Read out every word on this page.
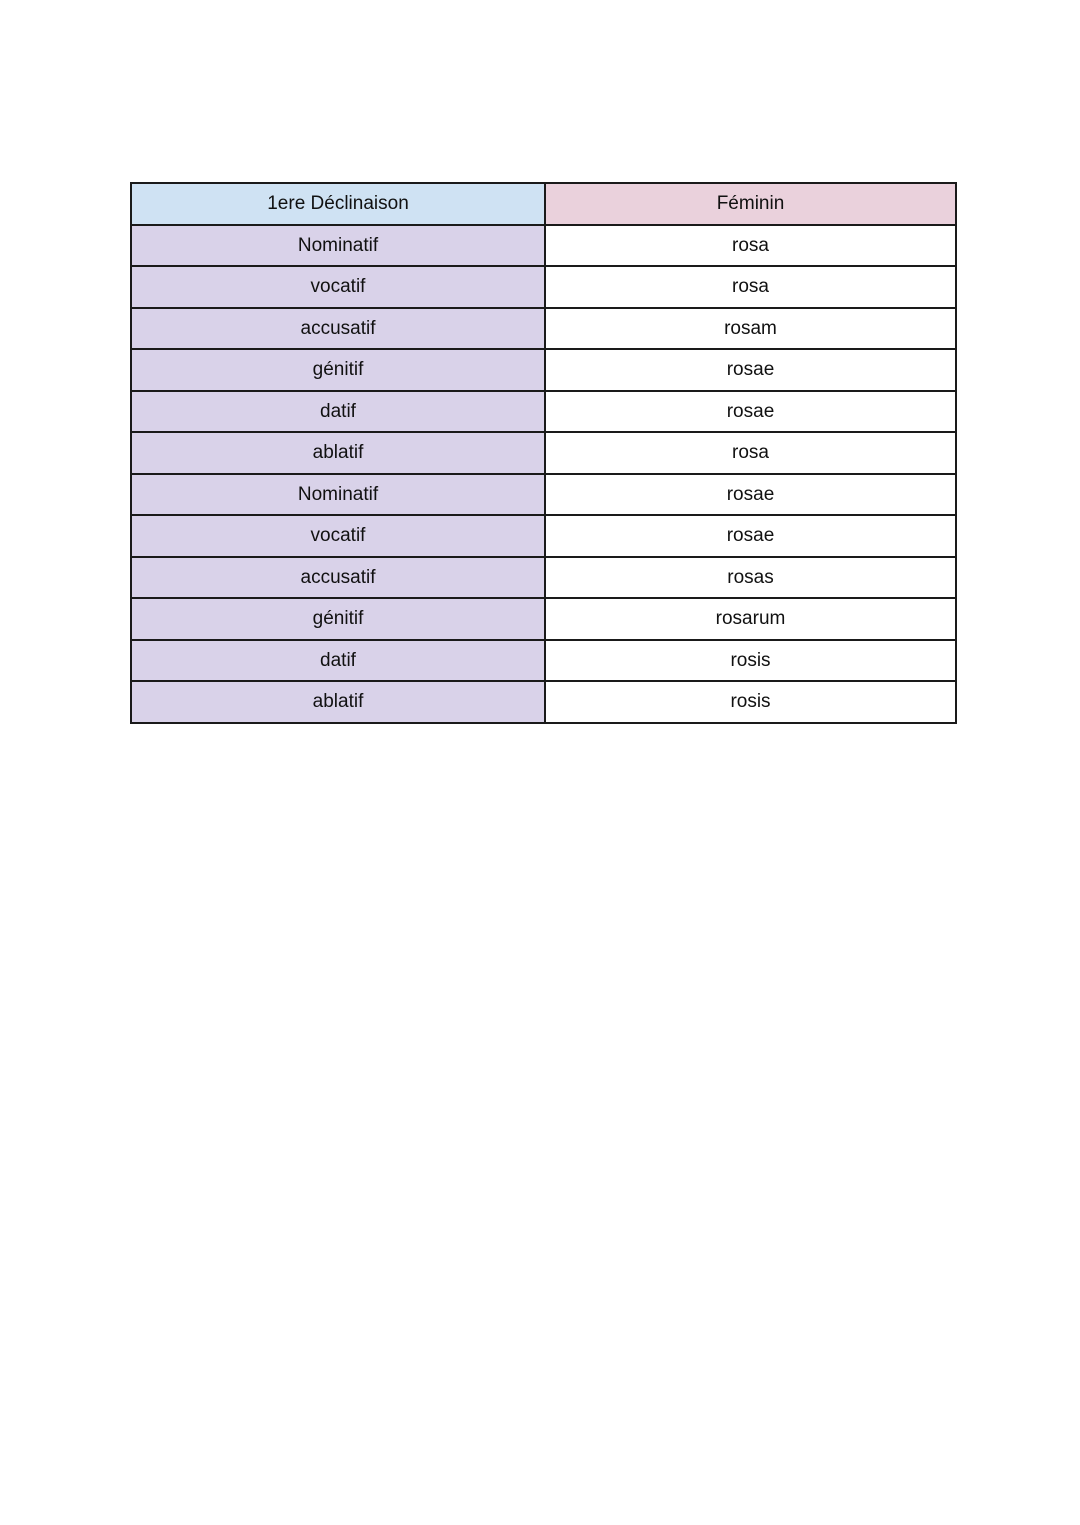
1ere Déclinaison	Féminin
Nominatif	rosa
vocatif	rosa
accusatif	rosam
génitif	rosae
datif	rosae
ablatif	rosa
Nominatif	rosae
vocatif	rosae
accusatif	rosas
génitif	rosarum
datif	rosis
ablatif	rosis
